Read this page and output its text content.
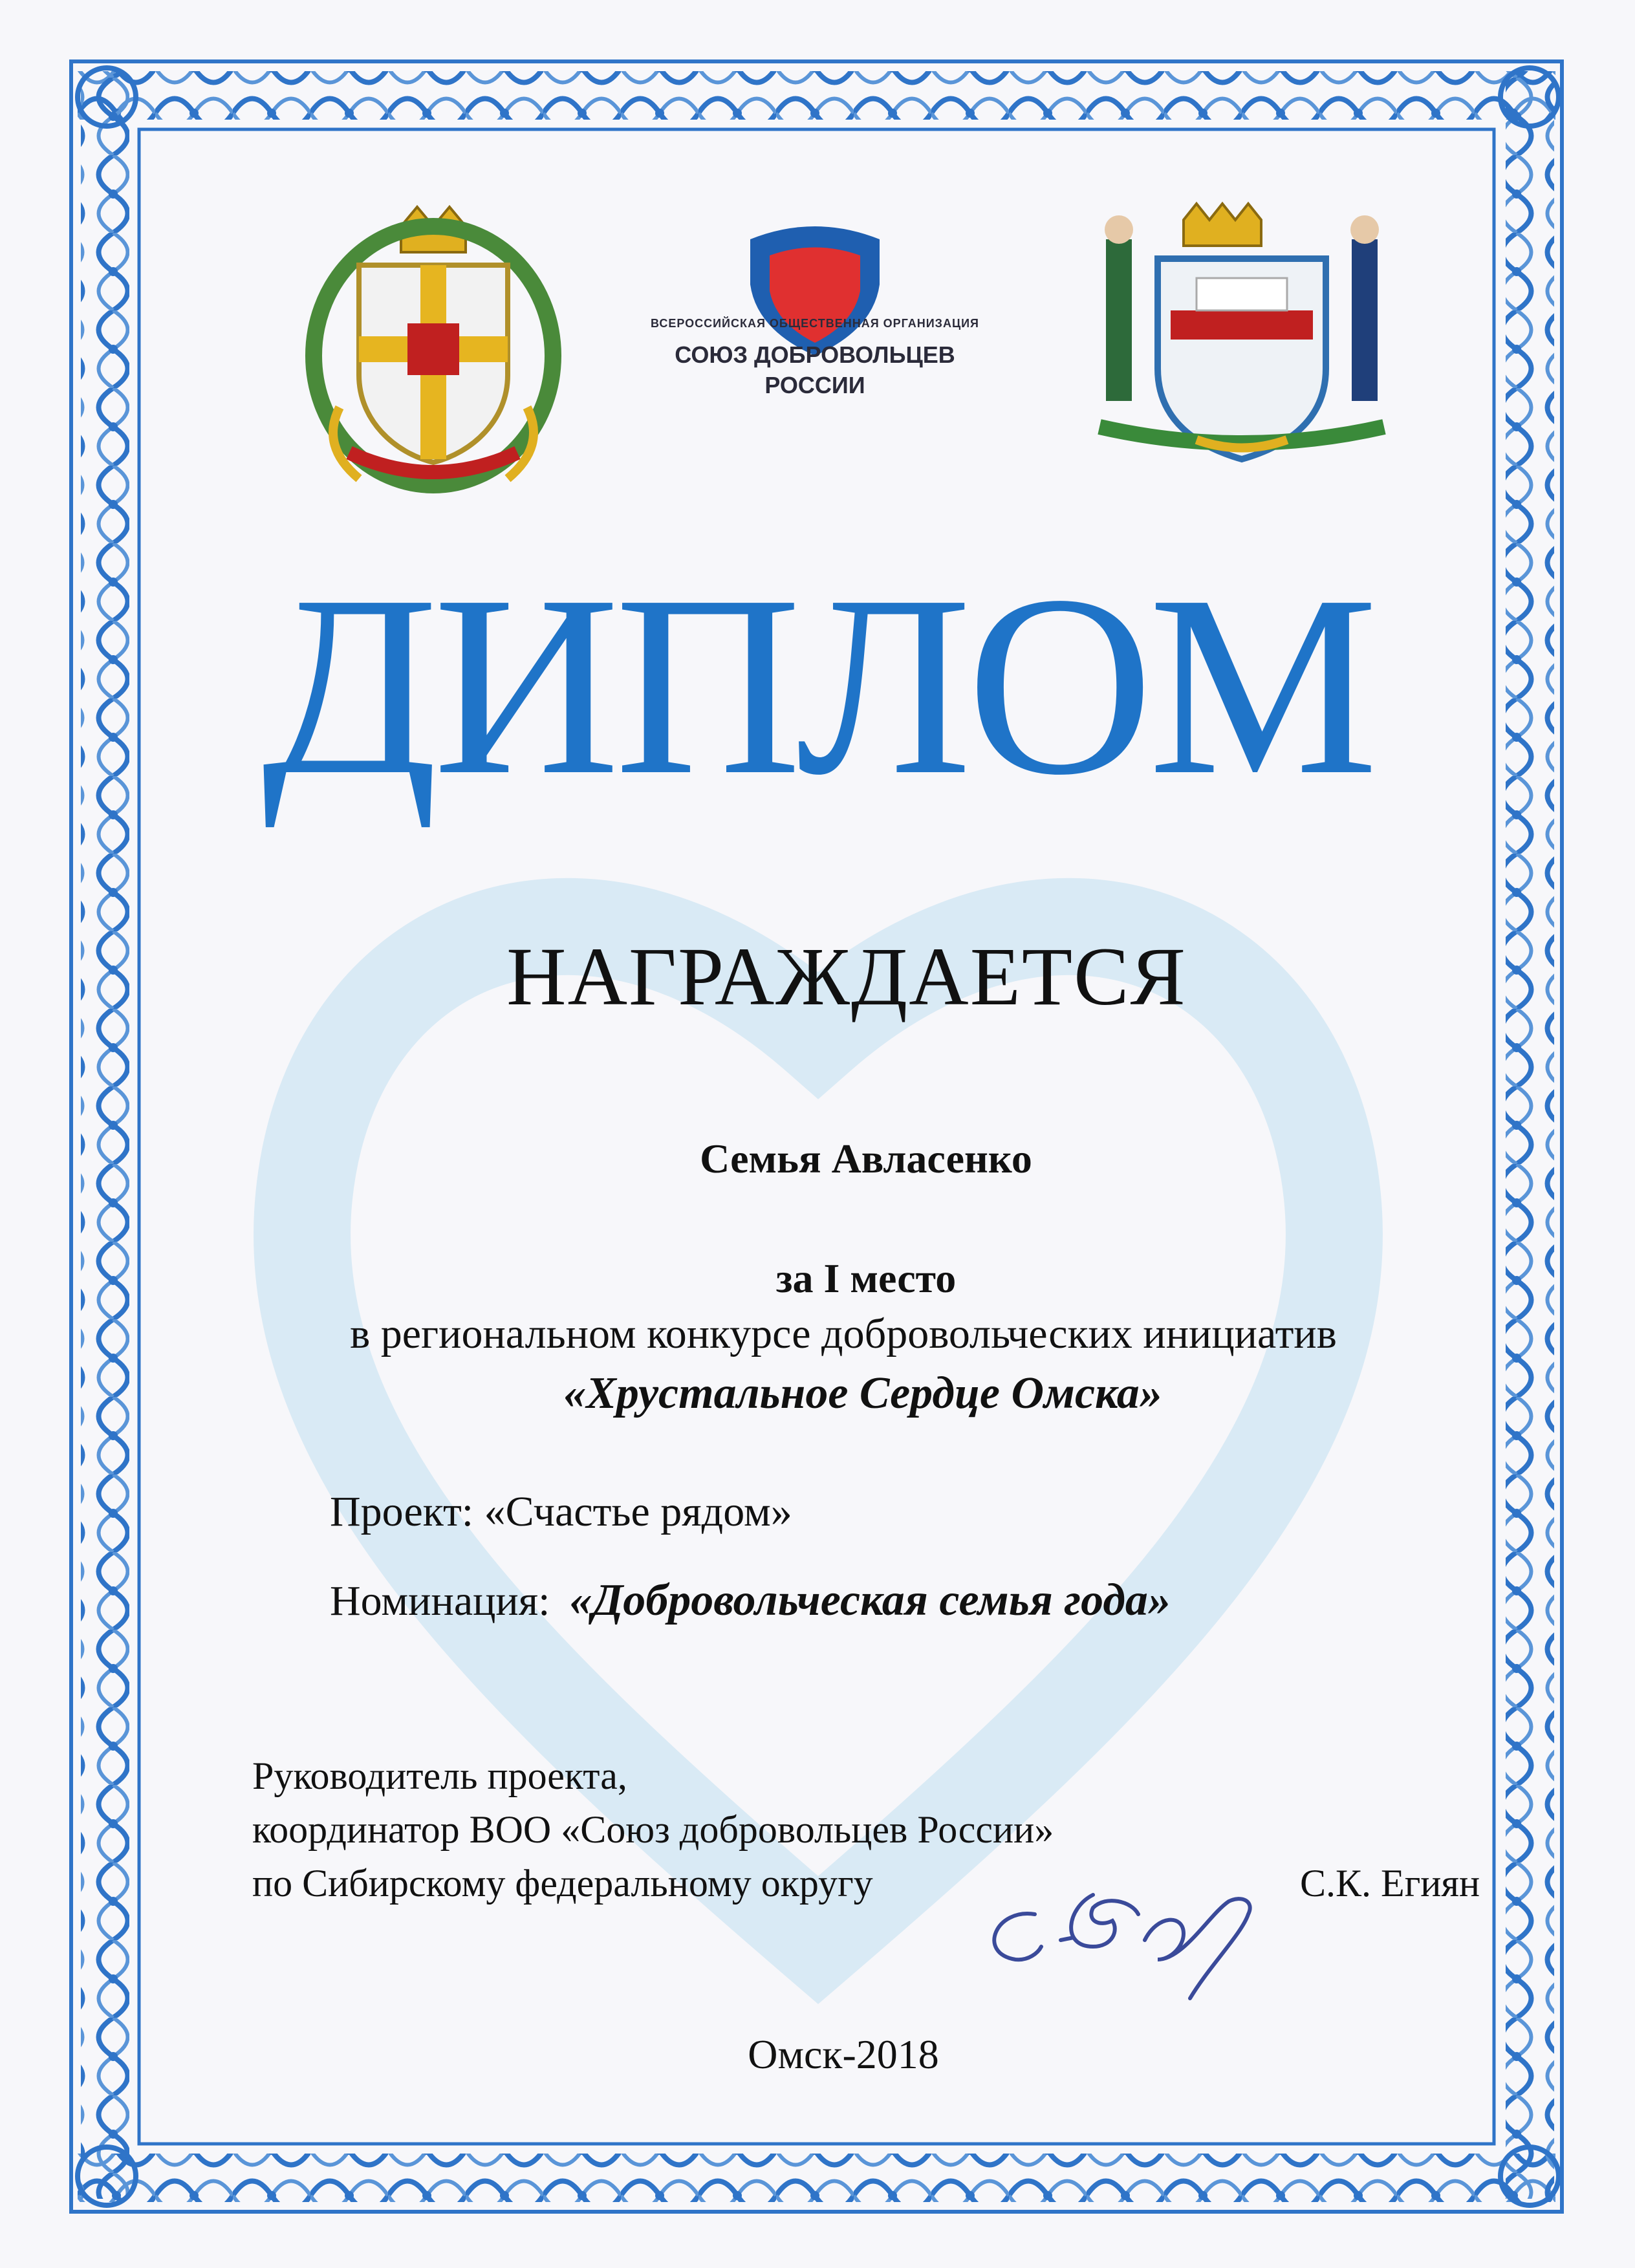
ВСЕРОССИЙСКАЯ ОБЩЕСТВЕННАЯ ОРГАНИЗАЦИЯ
СОЮЗ ДОБРОВОЛЬЦЕВ
РОССИИ
ДИПЛОМ
НАГРАЖДАЕТСЯ
Семья Авласенко
за I место
в региональном конкурсе добровольческих инициатив
«Хрустальное Сердце Омска»
Проект: «Счастье рядом»
Номинация: «Добровольческая семья года»
Руководитель проекта,
координатор ВОО «Союз добровольцев России»
по Сибирскому федеральному округу	С.К. Егиян
Омск-2018
